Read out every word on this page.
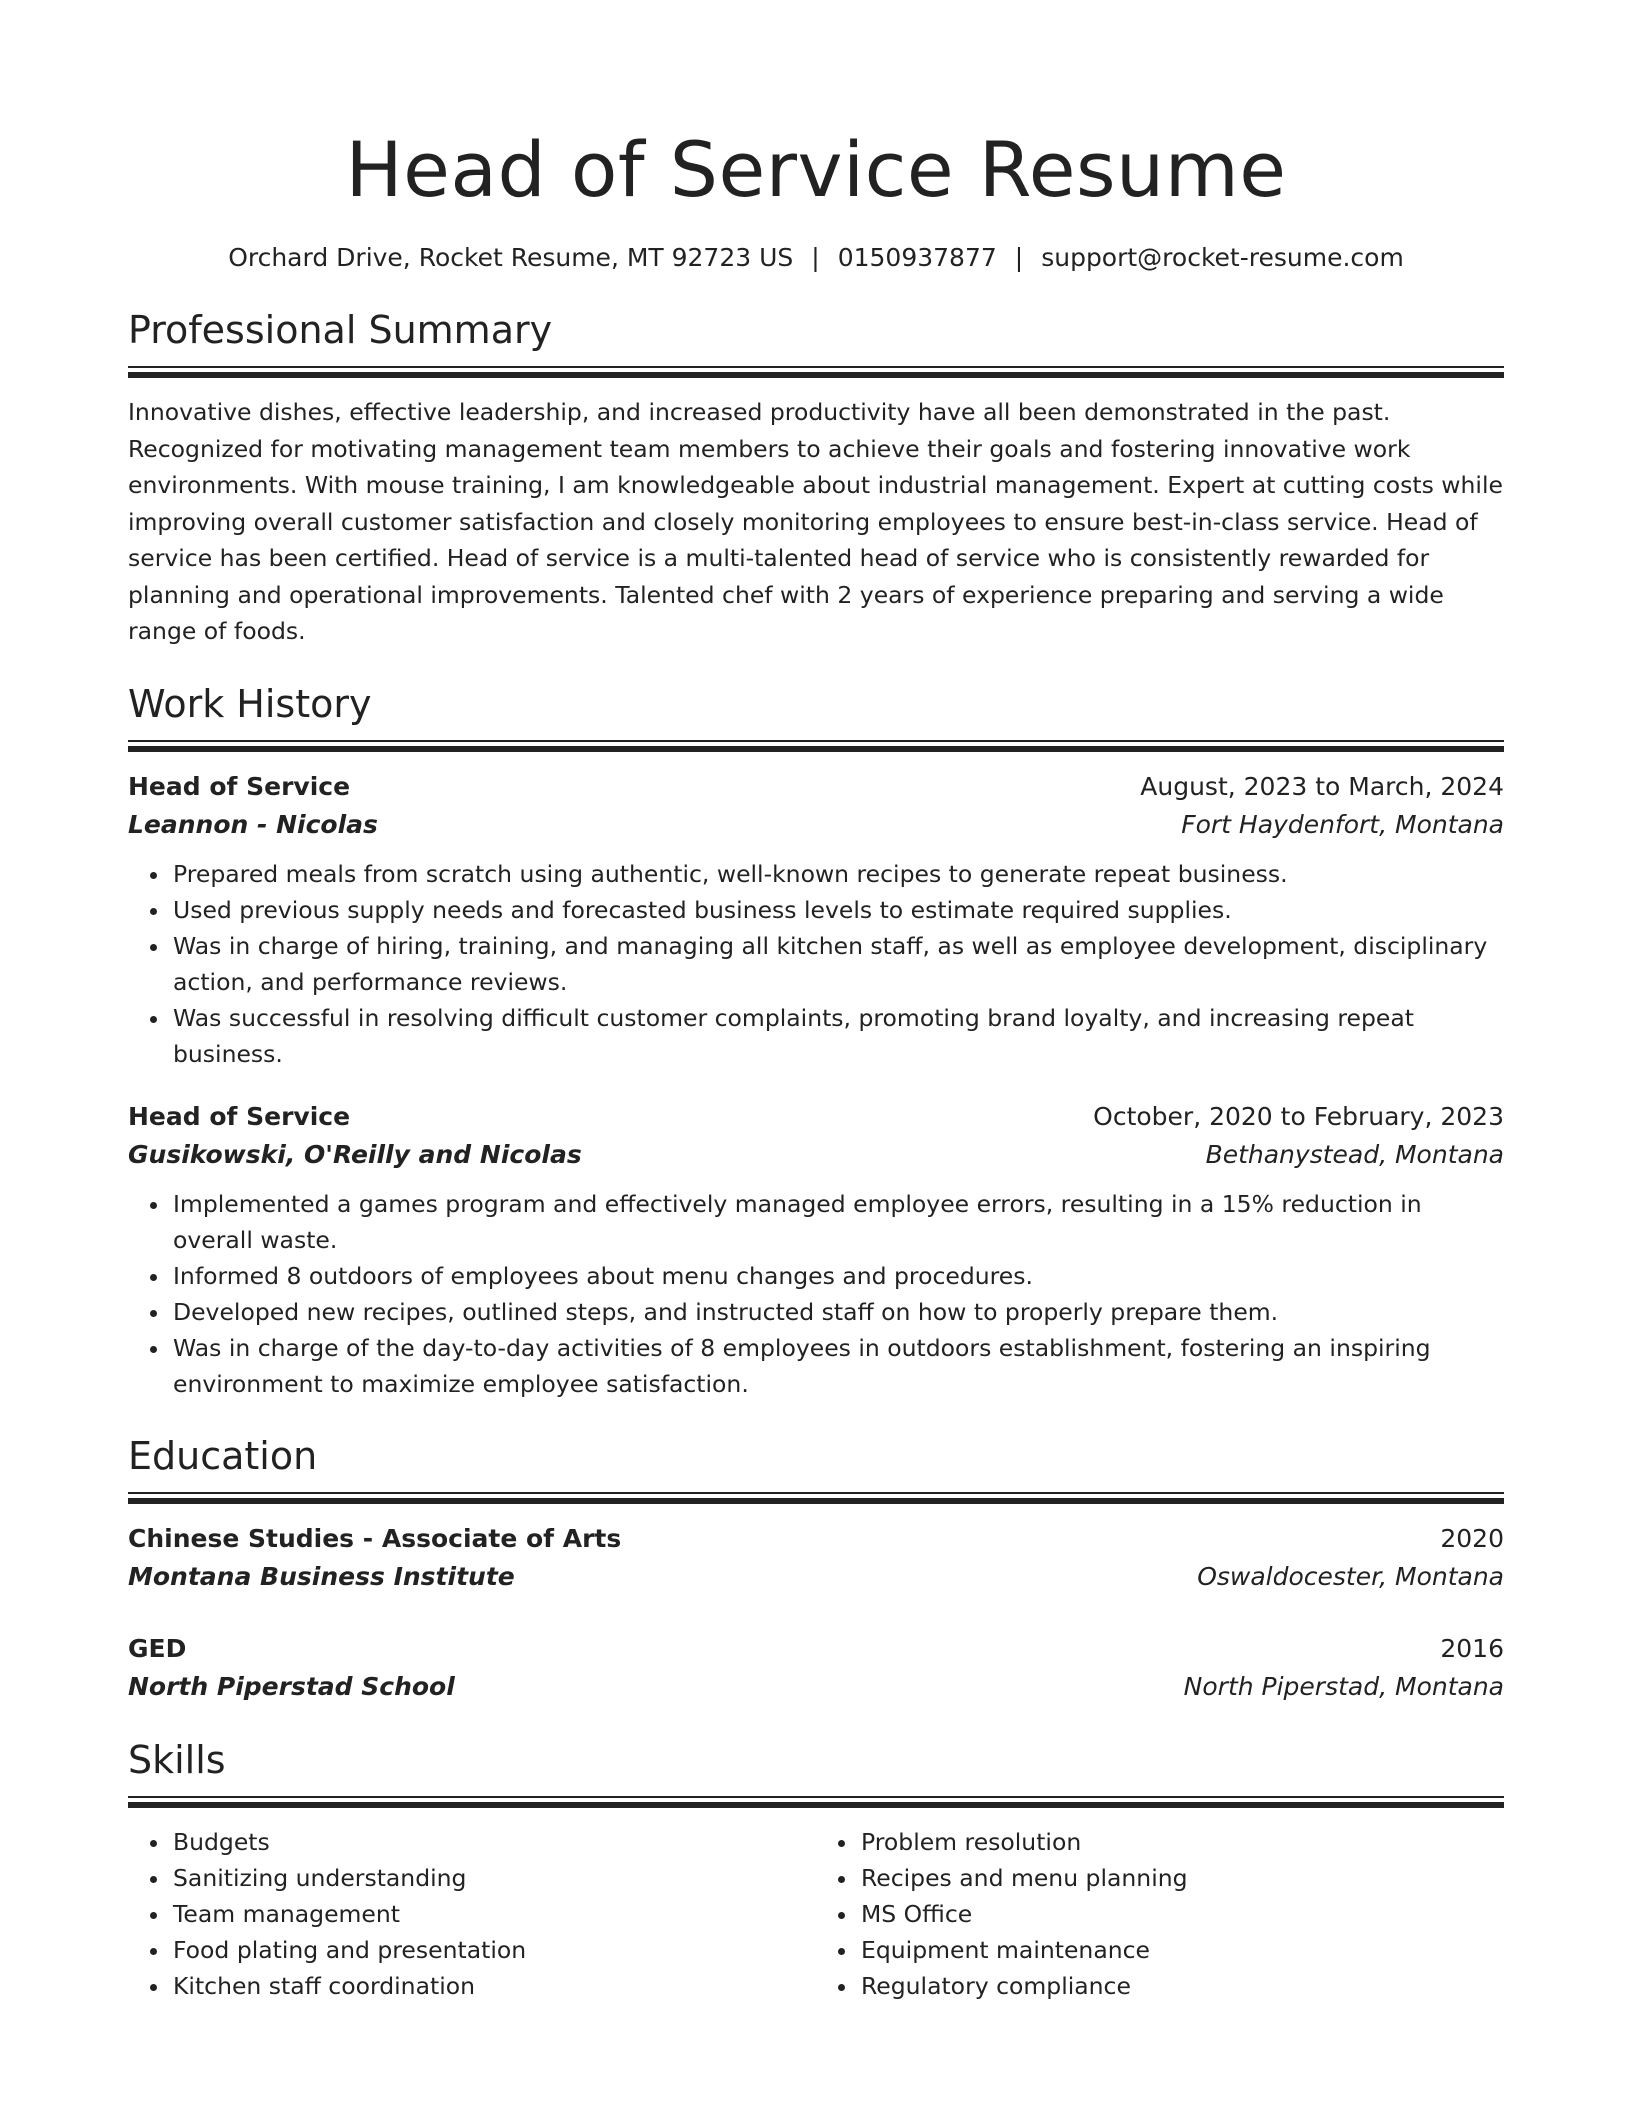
Head of Service Resume
Orchard Drive, Rocket Resume, MT 92723 US | 0150937877 | support@rocket-resume.com
Professional Summary

Innovative dishes, effective leadership, and increased productivity have all been demonstrated in the past. Recognized for motivating management team members to achieve their goals and fostering innovative work environments. With mouse training, I am knowledgeable about industrial management. Expert at cutting costs while improving overall customer satisfaction and closely monitoring employees to ensure best-in-class service. Head of service has been certified. Head of service is a multi-talented head of service who is consistently rewarded for planning and operational improvements. Talented chef with 2 years of experience preparing and serving a wide range of foods.

Work History
Head of Service	August, 2023 to March, 2024
Leannon - Nicolas	Fort Haydenfort, Montana
• Prepared meals from scratch using authentic, well-known recipes to generate repeat business.
• Used previous supply needs and forecasted business levels to estimate required supplies.
• Was in charge of hiring, training, and managing all kitchen staff, as well as employee development, disciplinary action, and performance reviews.
• Was successful in resolving difficult customer complaints, promoting brand loyalty, and increasing repeat business.
Head of Service	October, 2020 to February, 2023
Gusikowski, O'Reilly and Nicolas	Bethanystead, Montana
• Implemented a games program and effectively managed employee errors, resulting in a 15% reduction in overall waste.
• Informed 8 outdoors of employees about menu changes and procedures.
• Developed new recipes, outlined steps, and instructed staff on how to properly prepare them.
• Was in charge of the day-to-day activities of 8 employees in outdoors establishment, fostering an inspiring environment to maximize employee satisfaction.
Education
Chinese Studies - Associate of Arts	2020
Montana Business Institute	Oswaldocester, Montana
GED	2016
North Piperstad School	North Piperstad, Montana
Skills
• Budgets
• Sanitizing understanding
• Team management
• Food plating and presentation
• Kitchen staff coordination
• Problem resolution
• Recipes and menu planning
• MS Office
• Equipment maintenance
• Regulatory compliance
